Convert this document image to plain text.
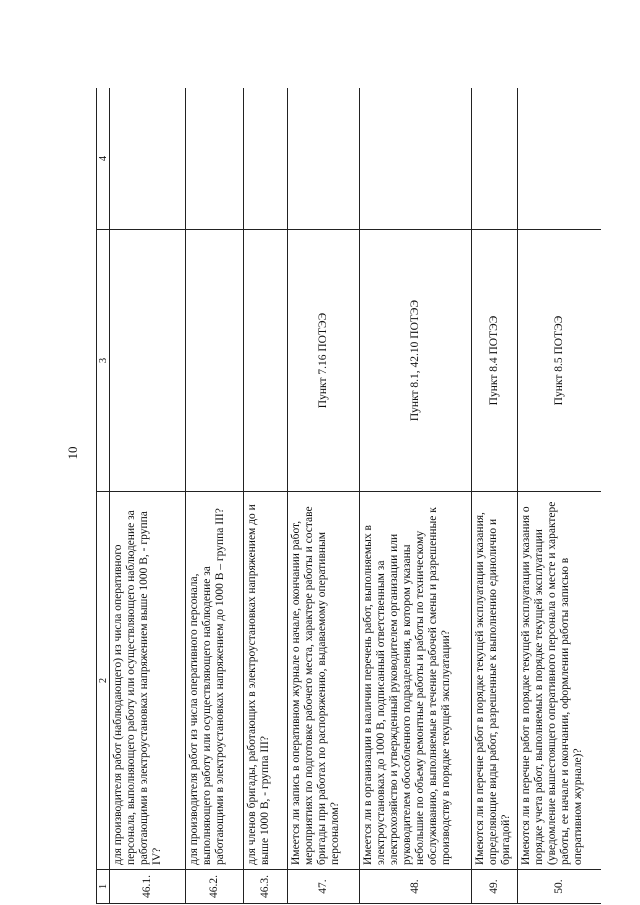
10
1	2	3	4
46.1.	для производителя работ (наблюдающего) из числа оперативного персонала, выполняющего работу или осуществляющего наблюдение за работающими в электроустановках напряжением выше 1000 В, - группа IV?		
46.2.	для производителя работ из числа оперативного персонала, выполняющего работу или осуществляющего наблюдение за работающими в электроустановках напряжением до 1000 В – группа III?		
46.3.	для членов бригады, работающих в электроустановках напряжением до и выше 1000 В, - группа III?		
47.	Имеется ли запись в оперативном журнале о начале, окончании работ, мероприятиях по подготовке рабочего места, характере работы и составе бригады при работах по распоряжению, выдаваемому оперативным персоналом?	Пункт 7.16 ПОТЭЭ	
48.	Имеется ли в организации в наличии перечень работ, выполняемых в электроустановках до 1000 В, подписанный ответственным за электрохозяйство и утвержденный руководителем организации или руководителем обособленного подразделения, в котором указаны небольшие по объему ремонтные работы и работы по техническому обслуживанию, выполняемые в течение рабочей смены и разрешенные к производству в порядке текущей эксплуатации?	Пункт 8.1, 42.10 ПОТЭЭ	
49.	Имеются ли в перечне работ в порядке текущей эксплуатации указания, определяющие виды работ, разрешенные к выполнению единолично и бригадой?	Пункт 8.4 ПОТЭЭ	
50.	Имеются ли в перечне работ в порядке текущей эксплуатации указания о порядке учета работ, выполняемых в порядке текущей эксплуатации (уведомление вышестоящего оперативного персонала о месте и характере работы, ее начале и окончании, оформлении работы записью в оперативном журнале)?	Пункт 8.5 ПОТЭЭ	
